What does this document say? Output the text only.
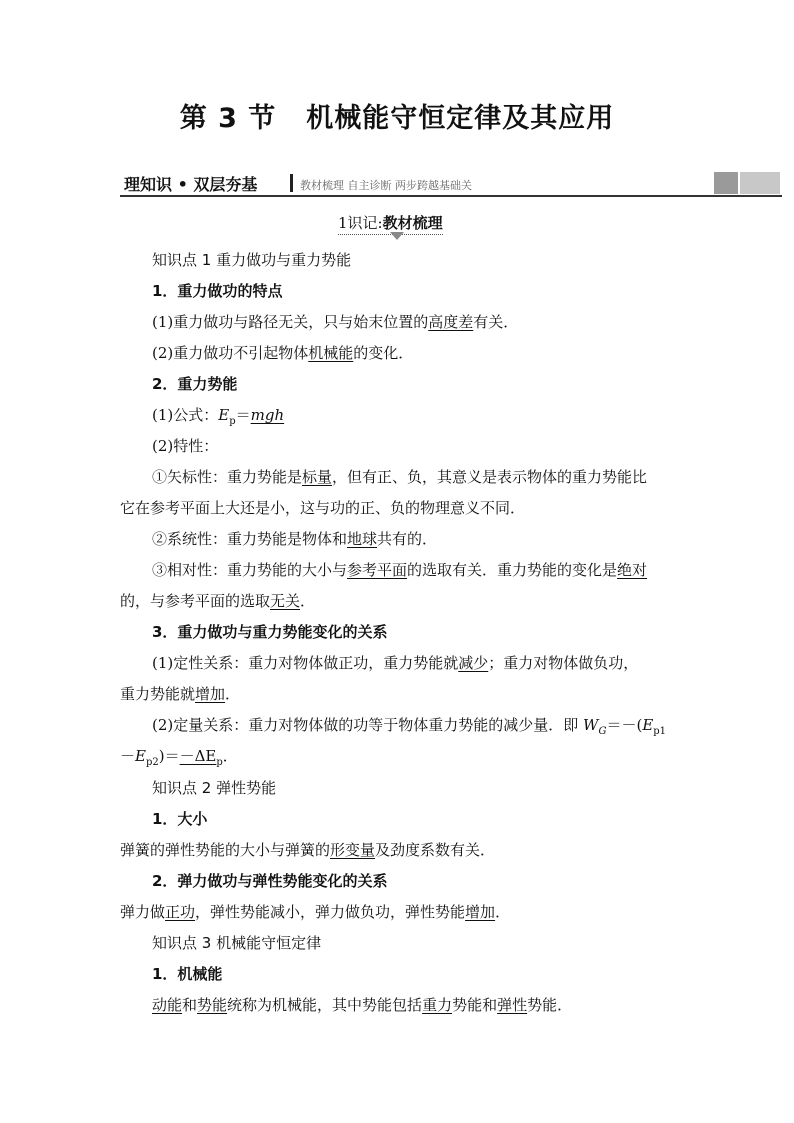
第 3 节 机械能守恒定律及其应用
理知识 • 双层夯基	教材梳理 自主诊断 两步跨越基础关
1识记:教材梳理
知识点 1 重力做功与重力势能
1．重力做功的特点
(1)重力做功与路径无关，只与始末位置的高度差有关．
(2)重力做功不引起物体机械能的变化．
2．重力势能
(1)公式：$E_p=mgh$
(2)特性：
①矢标性：重力势能是标量，但有正、负，其意义是表示物体的重力势能比
它在参考平面上大还是小，这与功的正、负的物理意义不同．
②系统性：重力势能是物体和地球共有的．
③相对性：重力势能的大小与参考平面的选取有关．重力势能的变化是绝对
的，与参考平面的选取无关．
3．重力做功与重力势能变化的关系
(1)定性关系：重力对物体做正功，重力势能就减少；重力对物体做负功，
重力势能就增加．
(2)定量关系：重力对物体做的功等于物体重力势能的减少量．即 $W_G=-(E_{p1}$
$-E_{p2})=-\Delta E_p$．
知识点 2 弹性势能
1．大小
弹簧的弹性势能的大小与弹簧的形变量及劲度系数有关．
2．弹力做功与弹性势能变化的关系
弹力做正功，弹性势能减小，弹力做负功，弹性势能增加．
知识点 3 机械能守恒定律
1．机械能
动能和势能统称为机械能，其中势能包括重力势能和弹性势能．
